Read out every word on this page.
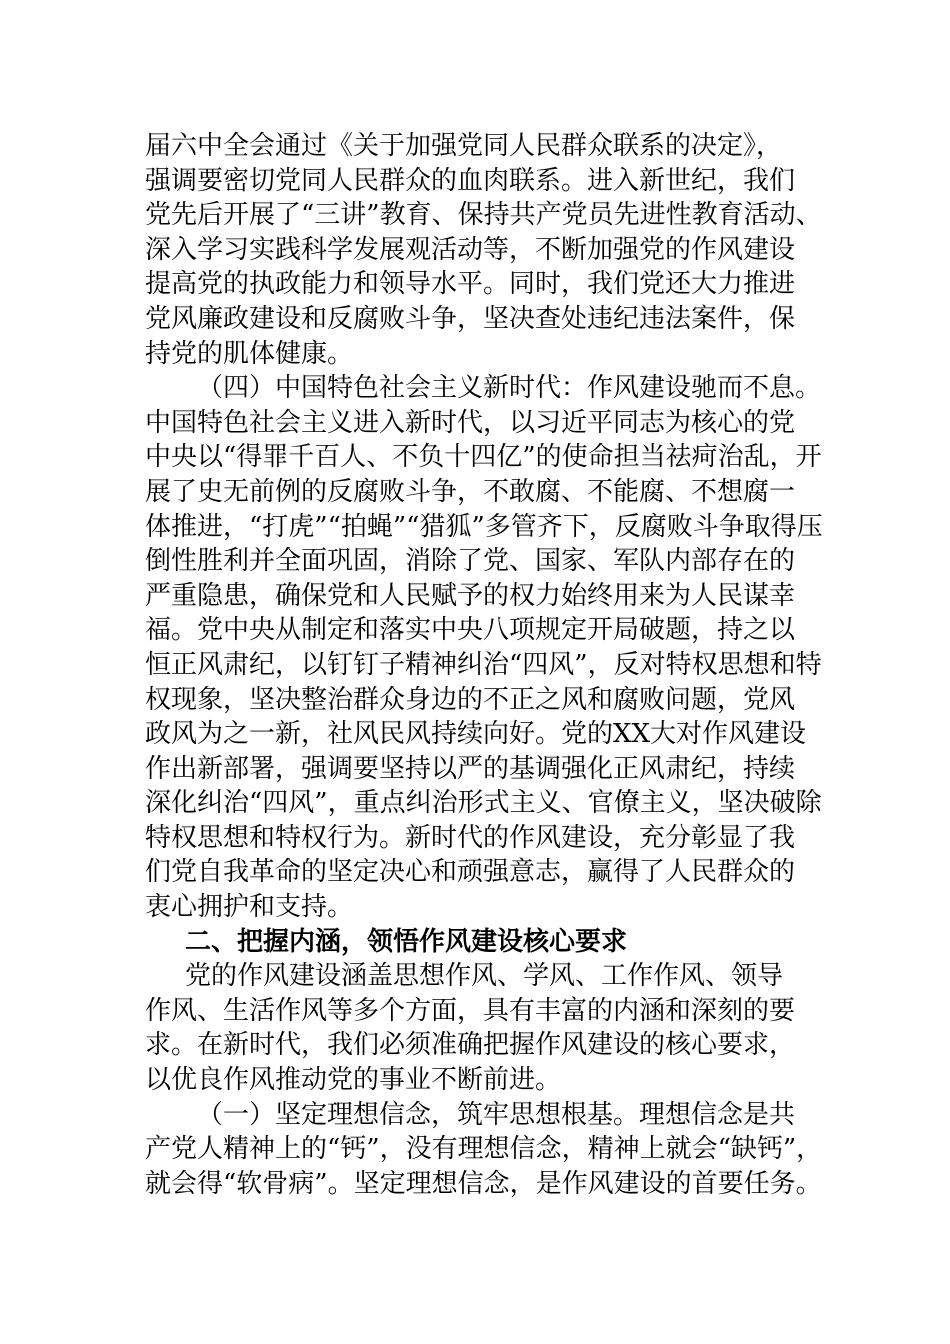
届六中全会通过《关于加强党同人民群众联系的决定》，
强调要密切党同人民群众的血肉联系。进入新世纪，我们
党先后开展了“三讲”教育、保持共产党员先进性教育活动、
深入学习实践科学发展观活动等，不断加强党的作风建设
提高党的执政能力和领导水平。同时，我们党还大力推进
党风廉政建设和反腐败斗争，坚决查处违纪违法案件，保
持党的肌体健康。
（四）中国特色社会主义新时代：作风建设驰而不息。
中国特色社会主义进入新时代，以习近平同志为核心的党
中央以“得罪千百人、不负十四亿”的使命担当祛疴治乱，开
展了史无前例的反腐败斗争，不敢腐、不能腐、不想腐一
体推进，“打虎”“拍蝇”“猎狐”多管齐下，反腐败斗争取得压
倒性胜利并全面巩固，消除了党、国家、军队内部存在的
严重隐患，确保党和人民赋予的权力始终用来为人民谋幸
福。党中央从制定和落实中央八项规定开局破题，持之以
恒正风肃纪，以钉钉子精神纠治“四风”，反对特权思想和特
权现象，坚决整治群众身边的不正之风和腐败问题，党风
政风为之一新，社风民风持续向好。党的XX大对作风建设
作出新部署，强调要坚持以严的基调强化正风肃纪，持续
深化纠治“四风”，重点纠治形式主义、官僚主义，坚决破除
特权思想和特权行为。新时代的作风建设，充分彰显了我
们党自我革命的坚定决心和顽强意志，赢得了人民群众的
衷心拥护和支持。
二、把握内涵，领悟作风建设核心要求
党的作风建设涵盖思想作风、学风、工作作风、领导
作风、生活作风等多个方面，具有丰富的内涵和深刻的要
求。在新时代，我们必须准确把握作风建设的核心要求，
以优良作风推动党的事业不断前进。
（一）坚定理想信念，筑牢思想根基。理想信念是共
产党人精神上的“钙”，没有理想信念，精神上就会“缺钙”，
就会得“软骨病”。坚定理想信念，是作风建设的首要任务。
